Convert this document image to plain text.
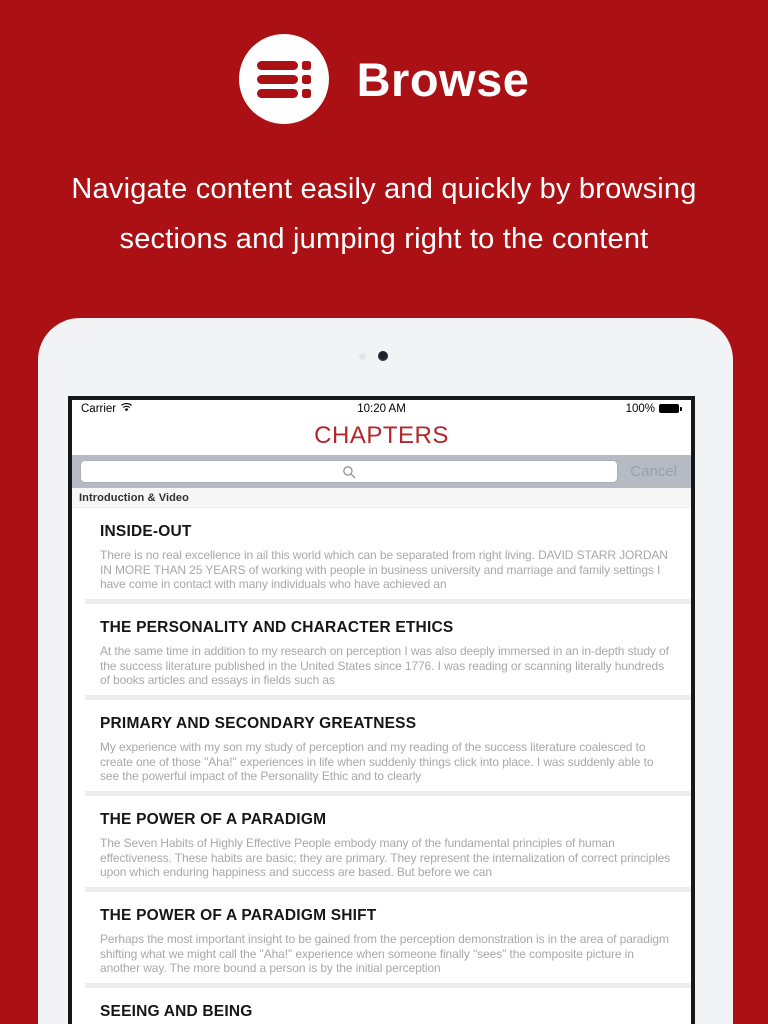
Browse
Navigate content easily and quickly by browsing
sections and jumping right to the content
Carrier	10:20 AM	100%
CHAPTERS
Cancel
Introduction & Video
INSIDE-OUT
There is no real excellence in ail this world which can be separated from right living. DAVID STARR JORDAN IN MORE THAN 25 YEARS of working with people in business university and marriage and family settings I have come in contact with many individuals who have achieved an
THE PERSONALITY AND CHARACTER ETHICS
At the same time in addition to my research on perception I was also deeply immersed in an in-depth study of the success literature published in the United States since 1776. I was reading or scanning literally hundreds of books articles and essays in fields such as
PRIMARY AND SECONDARY GREATNESS
My experience with my son my study of perception and my reading of the success literature coalesced to create one of those "Aha!" experiences in life when suddenly things click into place. I was suddenly able to see the powerful impact of the Personality Ethic and to clearly
THE POWER OF A PARADIGM
The Seven Habits of Highly Effective People embody many of the fundamental principles of human effectiveness. These habits are basic; they are primary. They represent the internalization of correct principles upon which enduring happiness and success are based. But before we can
THE POWER OF A PARADIGM SHIFT
Perhaps the most important insight to be gained from the perception demonstration is in the area of paradigm shifting what we might call the "Aha!" experience when someone finally "sees" the composite picture in another way. The more bound a person is by the initial perception
SEEING AND BEING
